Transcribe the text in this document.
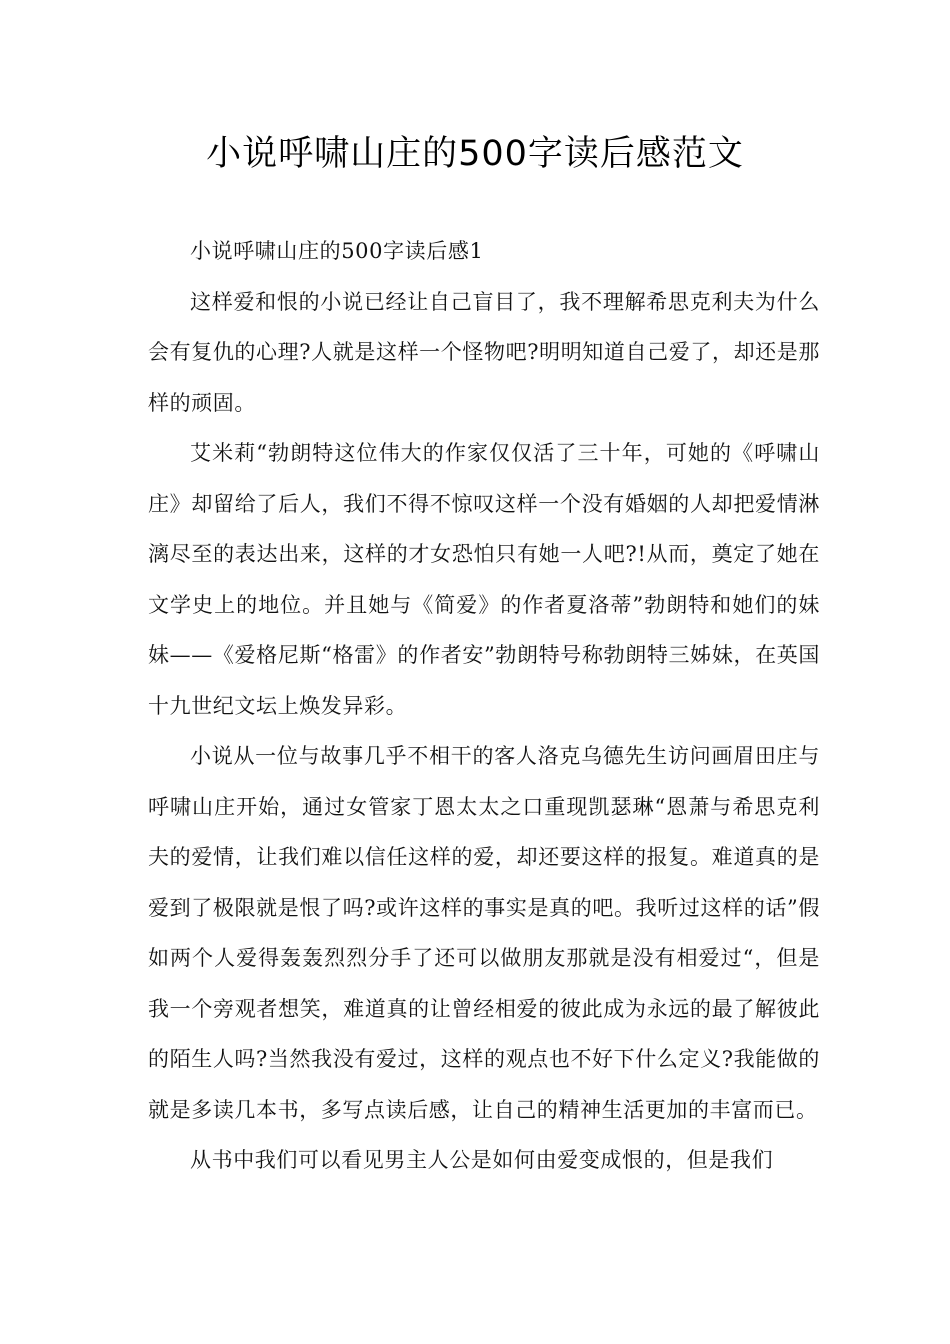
小说呼啸山庄的500字读后感范文

小说呼啸山庄的500字读后感1

这样爱和恨的小说已经让自己盲目了，我不理解希思克利夫为什么会有复仇的心理?人就是这样一个怪物吧?明明知道自己爱了，却还是那样的顽固。

艾米莉“勃朗特这位伟大的作家仅仅活了三十年，可她的《呼啸山庄》却留给了后人，我们不得不惊叹这样一个没有婚姻的人却把爱情淋漓尽至的表达出来，这样的才女恐怕只有她一人吧?!从而，奠定了她在文学史上的地位。并且她与《简爱》的作者夏洛蒂”勃朗特和她们的妹妹——《爱格尼斯“格雷》的作者安”勃朗特号称勃朗特三姊妹，在英国十九世纪文坛上焕发异彩。

小说从一位与故事几乎不相干的客人洛克乌德先生访问画眉田庄与呼啸山庄开始，通过女管家丁恩太太之口重现凯瑟琳“恩萧与希思克利夫的爱情，让我们难以信任这样的爱，却还要这样的报复。难道真的是爱到了极限就是恨了吗?或许这样的事实是真的吧。我听过这样的话”假如两个人爱得轰轰烈烈分手了还可以做朋友那就是没有相爱过“，但是我一个旁观者想笑，难道真的让曾经相爱的彼此成为永远的最了解彼此的陌生人吗?当然我没有爱过，这样的观点也不好下什么定义?我能做的就是多读几本书，多写点读后感，让自己的精神生活更加的丰富而已。

从书中我们可以看见男主人公是如何由爱变成恨的，但是我们
